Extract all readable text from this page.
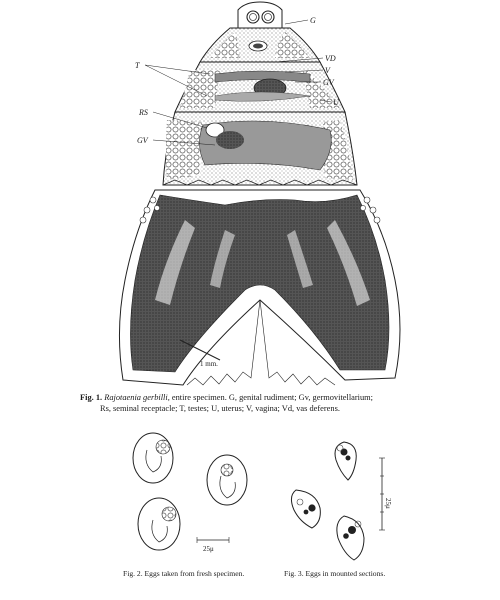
G
VD
V
GV
T
U
RS
GV
1 mm.
Fig. 1. Rajotaenia gerbilli, entire specimen. G, genital rudiment; Gv, germovitellarium;
Rs, seminal receptacle; T, testes; U, uterus; V, vagina; Vd, vas deferens.
25μ
Fig. 2. Eggs taken from fresh specimen.
25μ
Fig. 3. Eggs in mounted sections.
